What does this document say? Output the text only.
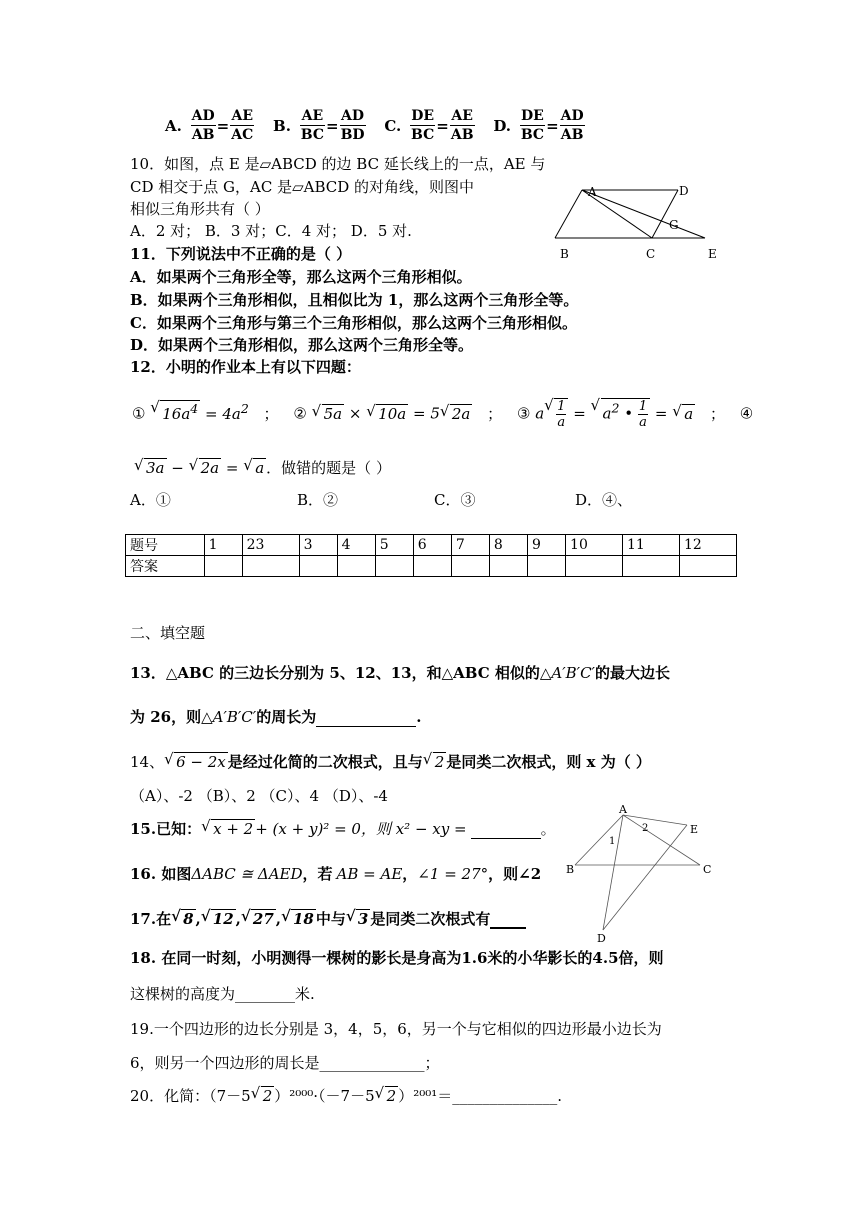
A. $\frac{AD}{AB} = \frac{AE}{AC} B$. $\frac{AE}{BC} = \frac{AD}{BD} C$. $\frac{DE}{BC} = \frac{AE}{AB} D$. $\frac{DE}{BC} = \frac{AD}{AB}$
10．如图，点 E 是▱ABCD 的边 BC 延长线上的一点，AE 与
CD 相交于点 G，AC 是▱ABCD 的对角线，则图中
相似三角形共有（ ）
A．2 对； B．3 对；C．4 对； D．5 对.
A	D
G
B	C	E
11．下列说法中不正确的是（ ）
A．如果两个三角形全等，那么这两个三角形相似。
B．如果两个三角形相似，且相似比为 1，那么这两个三角形全等。
C．如果两个三角形与第三个三角形相似，那么这两个三角形相似。
D．如果两个三角形相似，那么这两个三角形全等。
12．小明的作业本上有以下四题：
① √ $16a^4 = 4a^2$ ； ② √ 5a × √ 10a = 5 √ 2a ； ③ a √ $\frac{1}{a}$ = √ $a^2$ • $\frac{1}{a}$ = √ a ； ④
√ 3a − √ 2a = √ a ．做错的题是（ ）
A．①	B．②	C．③	D．④、
题号	1	23	3	4	5	6	7	8	9	10	11	12
答案												
二、填空题
13．△ABC 的三边长分别为 5、12、13，和△ABC 相似的△A′B′C′的最大边长
为 26，则△A′B′C′的周长为	.
14、 √ 6 − 2x 是经过化简的二次根式，且与 √ 2 是同类二次根式，则 x 为（ ）
（A）、-2 （B）、2 （C）、4 （D）、-4
15.已知： √ x + 2 + (x + y)² = 0，则 x² − xy =	。
16. 如图ΔABC ≅ ΔAED，若 AB = AE，∠1 = 27°，则∠2
A
1
2	E
B	C
D
17.在 √ 8 , √ 12 , √ 27 , √ 18 中与 √ 3 是同类二次根式有
18. 在同一时刻，小明测得一棵树的影长是身高为1.6米的小华影长的4.5倍，则
这棵树的高度为________米.
19.一个四边形的边长分别是 3，4，5，6，另一个与它相似的四边形最小边长为
6，则另一个四边形的周长是______________；
20．化简：（7－5 √ 2 ）²⁰⁰⁰·（－7－5 √ 2 ）²⁰⁰¹＝______________.
